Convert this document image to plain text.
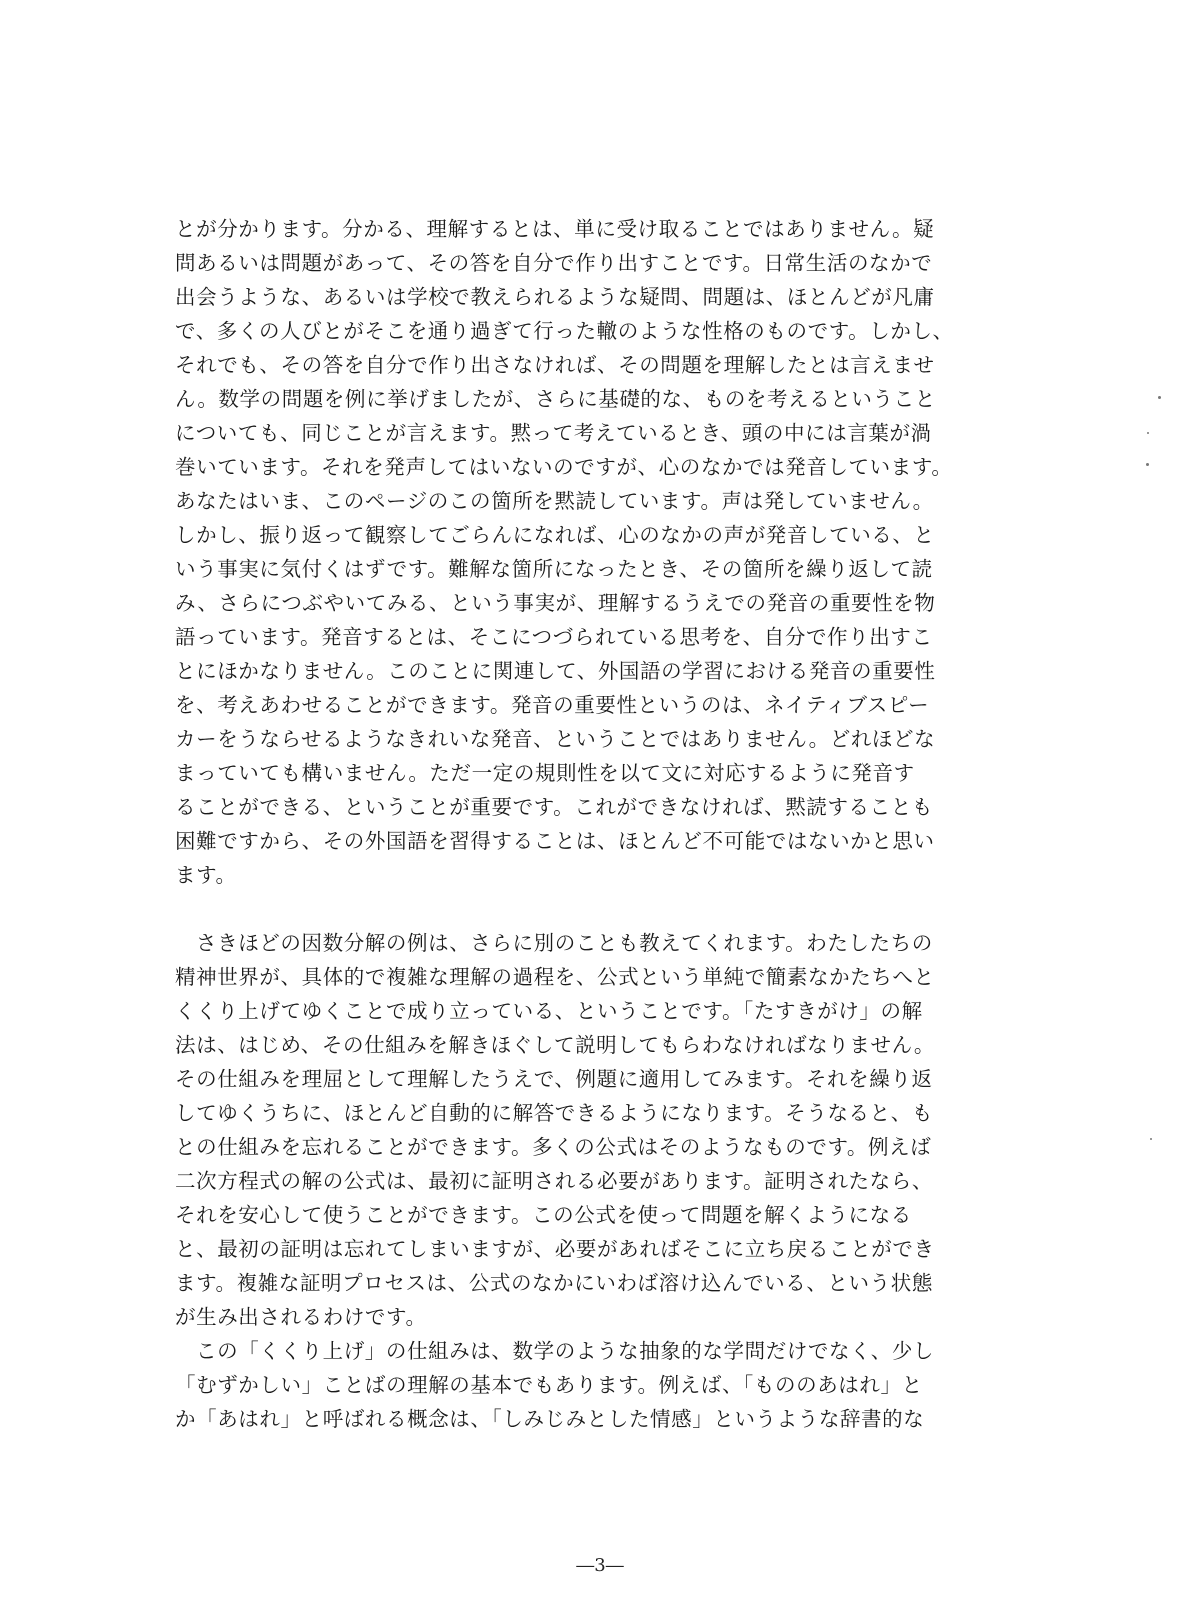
とが分かります。分かる、理解するとは、単に受け取ることではありません。疑
問あるいは問題があって、その答を自分で作り出すことです。日常生活のなかで
出会うような、あるいは学校で教えられるような疑問、問題は、ほとんどが凡庸
で、多くの人びとがそこを通り過ぎて行った轍のような性格のものです。しかし、
それでも、その答を自分で作り出さなければ、その問題を理解したとは言えませ
ん。数学の問題を例に挙げましたが、さらに基礎的な、ものを考えるということ
についても、同じことが言えます。黙って考えているとき、頭の中には言葉が渦
巻いています。それを発声してはいないのですが、心のなかでは発音しています。
あなたはいま、このページのこの箇所を黙読しています。声は発していません。
しかし、振り返って観察してごらんになれば、心のなかの声が発音している、と
いう事実に気付くはずです。難解な箇所になったとき、その箇所を繰り返して読
み、さらにつぶやいてみる、という事実が、理解するうえでの発音の重要性を物
語っています。発音するとは、そこにつづられている思考を、自分で作り出すこ
とにほかなりません。このことに関連して、外国語の学習における発音の重要性
を、考えあわせることができます。発音の重要性というのは、ネイティブスピー
カーをうならせるようなきれいな発音、ということではありません。どれほどな
まっていても構いません。ただ一定の規則性を以て文に対応するように発音す
ることができる、ということが重要です。これができなければ、黙読することも
困難ですから、その外国語を習得することは、ほとんど不可能ではないかと思い
ます。
さきほどの因数分解の例は、さらに別のことも教えてくれます。わたしたちの
精神世界が、具体的で複雑な理解の過程を、公式という単純で簡素なかたちへと
くくり上げてゆくことで成り立っている、ということです。「たすきがけ」の解
法は、はじめ、その仕組みを解きほぐして説明してもらわなければなりません。
その仕組みを理屈として理解したうえで、例題に適用してみます。それを繰り返
してゆくうちに、ほとんど自動的に解答できるようになります。そうなると、も
との仕組みを忘れることができます。多くの公式はそのようなものです。例えば
二次方程式の解の公式は、最初に証明される必要があります。証明されたなら、
それを安心して使うことができます。この公式を使って問題を解くようになる
と、最初の証明は忘れてしまいますが、必要があればそこに立ち戻ることができ
ます。複雑な証明プロセスは、公式のなかにいわば溶け込んでいる、という状態
が生み出されるわけです。
この「くくり上げ」の仕組みは、数学のような抽象的な学問だけでなく、少し
「むずかしい」ことばの理解の基本でもあります。例えば、「もののあはれ」と
か「あはれ」と呼ばれる概念は、「しみじみとした情感」というような辞書的な
―3―
